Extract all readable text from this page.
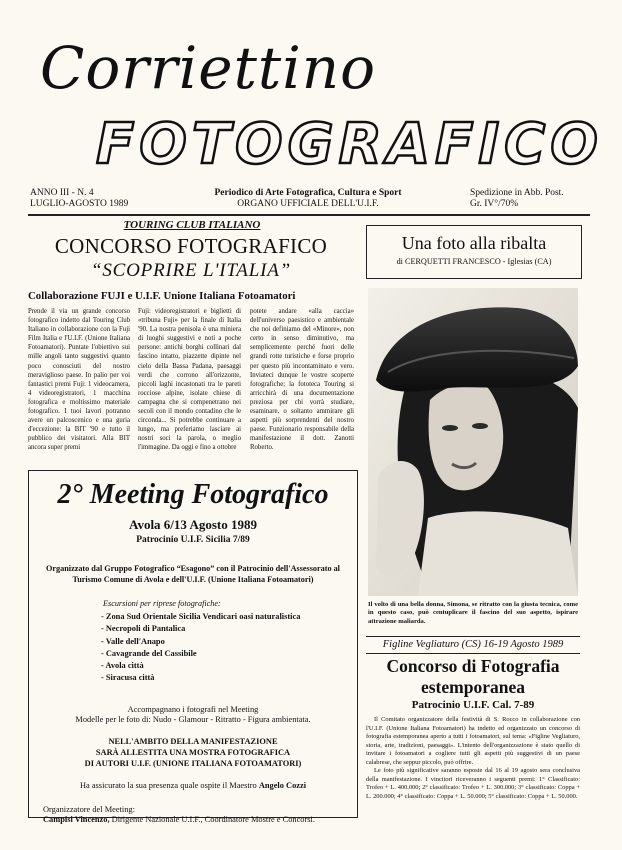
Corriettino
FOTOGRAFICO
ANNO III - N. 4
LUGLIO-AGOSTO 1989
Periodico di Arte Fotografica, Cultura e Sport
ORGANO UFFICIALE DELL'U.I.F.
Spedizione in Abb. Post.
Gr. IV°/70%
TOURING CLUB ITALIANO
CONCORSO FOTOGRAFICO
“SCOPRIRE L'ITALIA”
Collaborazione FUJI e U.I.F. Unione Italiana Fotoamatori
Prende il via un grande concorso fotografico indetto dal Touring Club Italiano in collaborazione con la Fuji Film Italia e l'U.I.F. (Unione Italiana Fotoamatori). Puntate l'obiettivo sui mille angoli tanto suggestivi quanto poco conosciuti del nostro meraviglioso paese. In palio per voi fantastici premi Fuji: 1 videocamera, 4 videoregistratori, 1 macchina fotografica e moltissimo materiale fotografico. I tuoi lavori potranno avere un palcoscenico e una guria d'eccezione: la BIT '90 e tutto il pubblico dei visitatori. Alla BIT ancora super premi
Fuji: videoregistratori e biglietti di «tribuna Fuji» per la finale di Italia '90. La nostra penisola è una miniera di luoghi suggestivi e noti a poche persone: antichi borghi collinari dal fascino intatto, piazzette dipinte nel cielo della Bassa Padana, paesaggi verdi che corrono all'orizzonte, piccoli laghi incastonati tra le pareti rocciose alpine, isolate chiese di campagna che si compenetrano nei secoli con il mondo contadino che le circonda... Si potrebbe continuare a lungo, ma preferiamo lasciare ai nostri soci la parola, o meglio l'immagine. Da oggi e fino a ottobre
potete andare «alla caccia» dell'universo paesistico e ambientale che noi definiamo del «Minore», non certo in senso diminutivo, ma semplicemente perché fuori delle grandi rotte turistiche e forse proprio per questo più incontaminato e vero. Inviateci dunque le vostre scoperte fotografiche; la fototeca Touring si arricchirà di una documentazione preziosa per chi vorrà studiare, esaminare, o soltanto ammirare gli aspetti più sorprendenti del nostro paese. Funzionario responsabile della manifestazione il dott. Zanotti Roberto.
Una foto alla ribalta
di CERQUETTI FRANCESCO - Iglesias (CA)
Il volto di una bella donna, Simona, se ritratto con la giusta tecnica, come in questo caso, può centuplicare il fascino del suo aspetto, ispirare attrazione maliarda.
2° Meeting Fotografico
Avola 6/13 Agosto 1989
Patrocinio U.I.F. Sicilia 7/89
Organizzato dal Gruppo Fotografico “Esagono” con il Patrocinio dell'Assessorato al Turismo Comune di Avola e dell'U.I.F. (Unione Italiana Fotoamatori)
Escursioni per riprese fotografiche:
- Zona Sud Orientale Sicilia Vendicari oasi naturalistica
- Necropoli di Pantalica
- Valle dell'Anapo
- Cavagrande del Cassibile
- Avola città
- Siracusa città
Accompagnano i fotografi nel Meeting
Modelle per le foto di: Nudo - Glamour - Ritratto - Figura ambientata.
NELL'AMBITO DELLA MANIFESTAZIONE
SARÀ ALLESTITA UNA MOSTRA FOTOGRAFICA
DI AUTORI U.I.F. (UNIONE ITALIANA FOTOAMATORI)
Ha assicurato la sua presenza quale ospite il Maestro Angelo Cozzi
Organizzatore del Meeting:
Campisi Vincenzo, Dirigente Nazionale U.I.F., Coordinatore Mostre e Concorsi.
Figline Vegliaturo (CS) 16-19 Agosto 1989
Concorso di Fotografia
estemporanea
Patrocinio U.I.F. Cal. 7-89

Il Comitato organizzatore della festività di S. Rocco in collaborazione con l'U.I.F. (Unione Italiana Fotoamatori) ha indetto ed organizzato un concorso di fotografia estemporanea aperto a tutti i fotoamatori, sul tema: «Figline Vegliaturo, storia, arte, tradizioni, paesaggi». L'intento dell'organizzazione è stato quello di invitare i fotoamatori a cogliere tutti gli aspetti più suggestivi di un paese calabrese, che seppur piccolo, può offrire.

Le foto più significative saranno esposte dal 16 al 19 agosto sera conclusiva della manifestazione. I vincitori riceveranno i seguenti premi: 1° Classificato: Trofeo + L. 400.000; 2° classificato: Trofeo + L. 300.000; 3° classificato: Coppa + L. 200.000; 4° classificato: Coppa + L. 50.000; 5° classificato: Coppa + L. 50.000.
